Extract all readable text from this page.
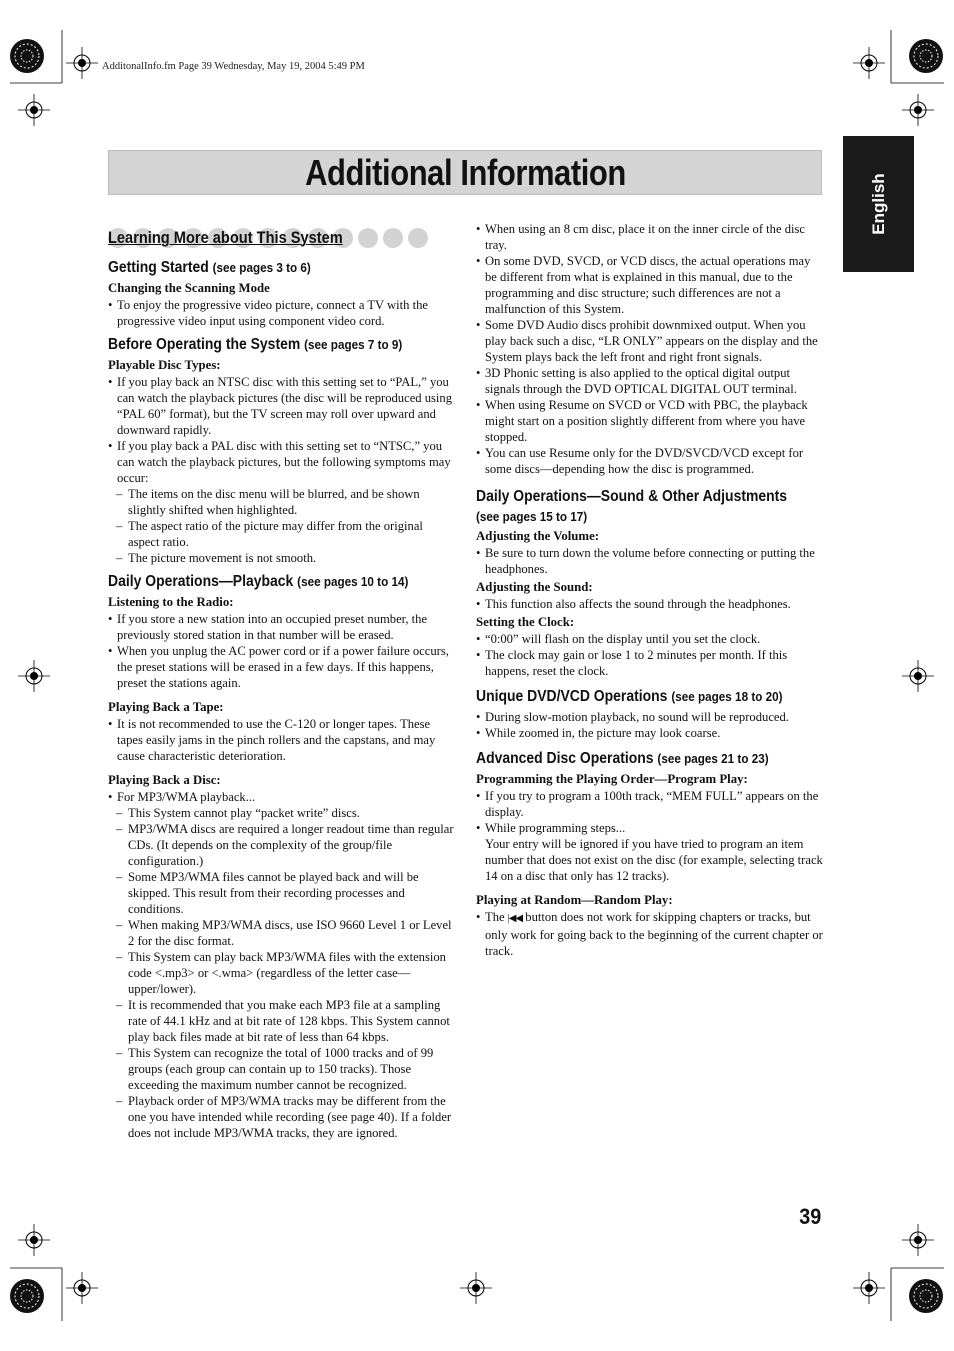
AdditonalInfo.fm Page 39 Wednesday, May 19, 2004 5:49 PM
Additional Information
English
Learning More about This System
Getting Started (see pages 3 to 6)
Changing the Scanning Mode
• To enjoy the progressive video picture, connect a TV with the progressive video input using component video cord.
Before Operating the System (see pages 7 to 9)
Playable Disc Types:
• If you play back an NTSC disc with this setting set to “PAL,” you can watch the playback pictures (the disc will be reproduced using “PAL 60” format), but the TV screen may roll over upward and downward rapidly.
• If you play back a PAL disc with this setting set to “NTSC,” you can watch the playback pictures, but the following symptoms may occur:
– The items on the disc menu will be blurred, and be shown slightly shifted when highlighted.
– The aspect ratio of the picture may differ from the original aspect ratio.
– The picture movement is not smooth.
Daily Operations—Playback (see pages 10 to 14)
Listening to the Radio:
• If you store a new station into an occupied preset number, the previously stored station in that number will be erased.
• When you unplug the AC power cord or if a power failure occurs, the preset stations will be erased in a few days. If this happens, preset the stations again.
Playing Back a Tape:
• It is not recommended to use the C-120 or longer tapes. These tapes easily jams in the pinch rollers and the capstans, and may cause characteristic deterioration.
Playing Back a Disc:
• For MP3/WMA playback...
– This System cannot play “packet write” discs.
– MP3/WMA discs are required a longer readout time than regular CDs. (It depends on the complexity of the group/file configuration.)
– Some MP3/WMA files cannot be played back and will be skipped. This result from their recording processes and conditions.
– When making MP3/WMA discs, use ISO 9660 Level 1 or Level 2 for the disc format.
– This System can play back MP3/WMA files with the extension code <.mp3> or <.wma> (regardless of the letter case—upper/lower).
– It is recommended that you make each MP3 file at a sampling rate of 44.1 kHz and at bit rate of 128 kbps. This System cannot play back files made at bit rate of less than 64 kbps.
– This System can recognize the total of 1000 tracks and of 99 groups (each group can contain up to 150 tracks). Those exceeding the maximum number cannot be recognized.
– Playback order of MP3/WMA tracks may be different from the one you have intended while recording (see page 40). If a folder does not include MP3/WMA tracks, they are ignored.
• When using an 8 cm disc, place it on the inner circle of the disc tray.
• On some DVD, SVCD, or VCD discs, the actual operations may be different from what is explained in this manual, due to the programming and disc structure; such differences are not a malfunction of this System.
• Some DVD Audio discs prohibit downmixed output. When you play back such a disc, “LR ONLY” appears on the display and the System plays back the left front and right front signals.
• 3D Phonic setting is also applied to the optical digital output signals through the DVD OPTICAL DIGITAL OUT terminal.
• When using Resume on SVCD or VCD with PBC, the playback might start on a position slightly different from where you have stopped.
• You can use Resume only for the DVD/SVCD/VCD except for some discs—depending how the disc is programmed.
Daily Operations—Sound & Other Adjustments
(see pages 15 to 17)
Adjusting the Volume:
• Be sure to turn down the volume before connecting or putting the headphones.
Adjusting the Sound:
• This function also affects the sound through the headphones.
Setting the Clock:
• “0:00” will flash on the display until you set the clock.
• The clock may gain or lose 1 to 2 minutes per month. If this happens, reset the clock.
Unique DVD/VCD Operations (see pages 18 to 20)
• During slow-motion playback, no sound will be reproduced.
• While zoomed in, the picture may look coarse.
Advanced Disc Operations (see pages 21 to 23)
Programming the Playing Order—Program Play:
• If you try to program a 100th track, “MEM FULL” appears on the display.
• While programming steps...
Your entry will be ignored if you have tried to program an item number that does not exist on the disc (for example, selecting track 14 on a disc that only has 12 tracks).
Playing at Random—Random Play:
• The |◀◀ button does not work for skipping chapters or tracks, but only work for going back to the beginning of the current chapter or track.
39
